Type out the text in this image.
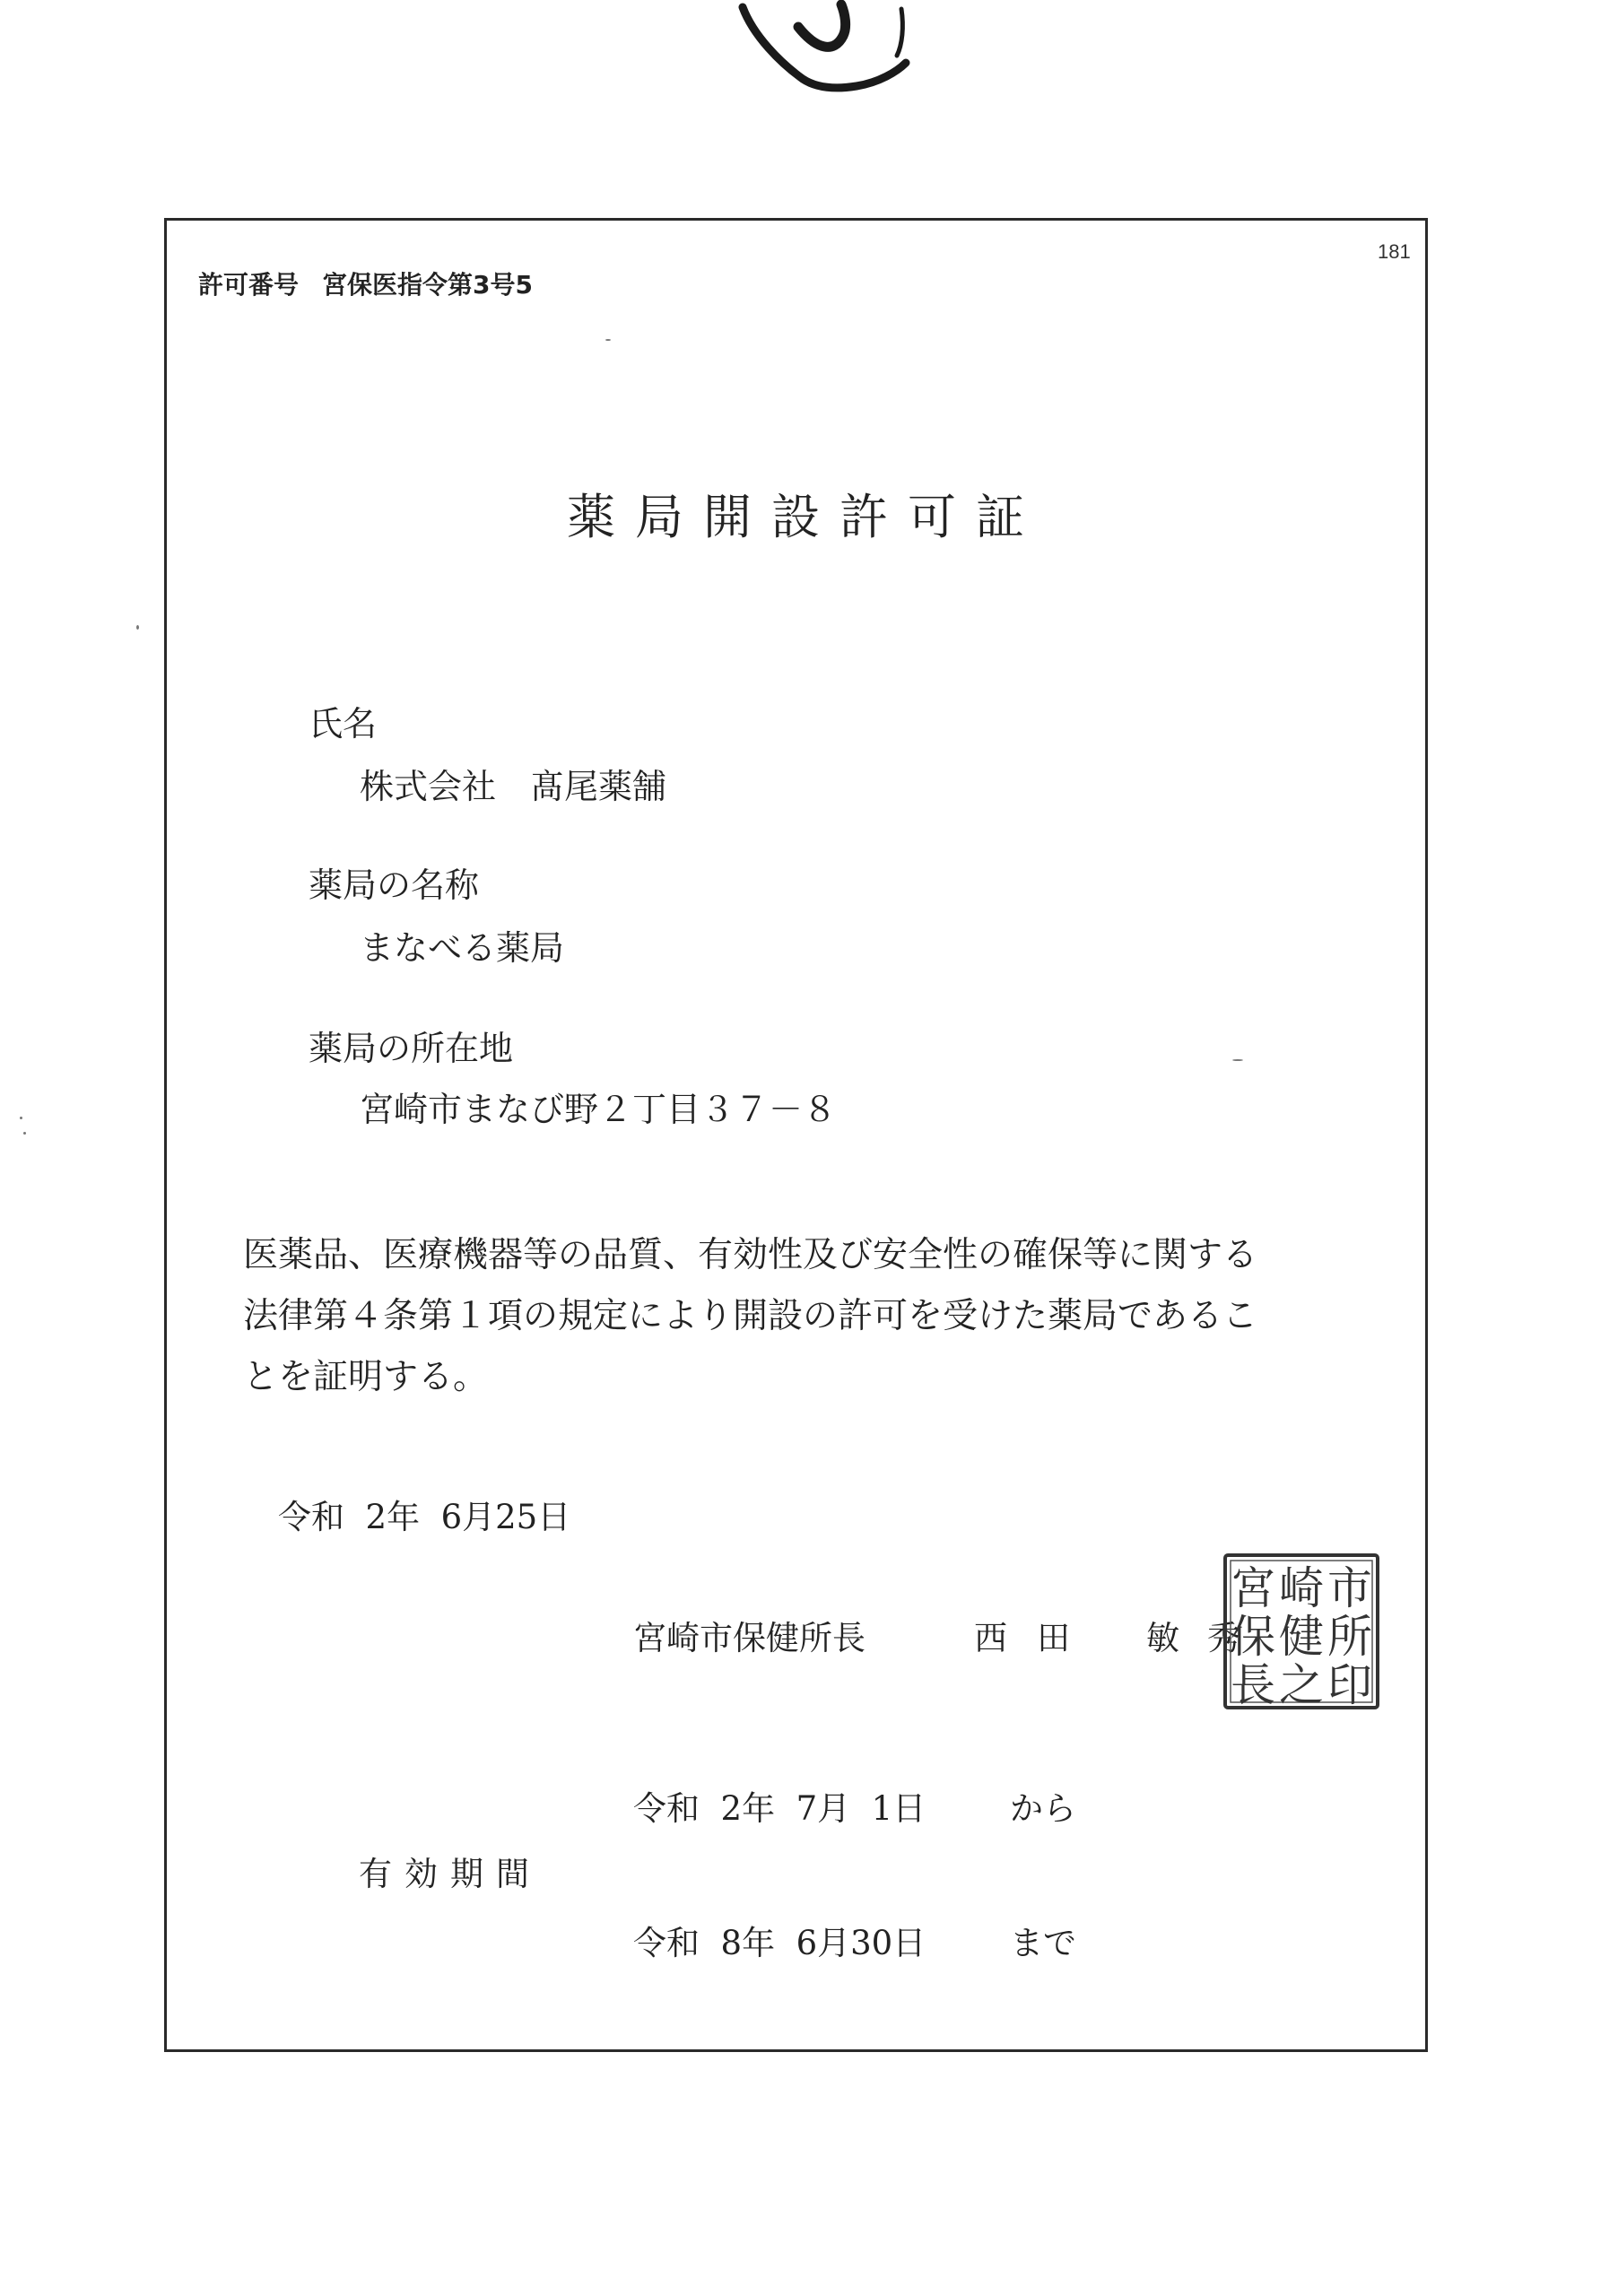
181
許可番号 宮保医指令第3号5
薬局開設許可証
氏名
株式会社　髙尾薬舗
薬局の名称
まなべる薬局
薬局の所在地
宮崎市まなび野２丁目３７－８
医薬品、医療機器等の品質、有効性及び安全性の確保等に関する
法律第４条第１項の規定により開設の許可を受けた薬局であるこ
とを証明する。
令和  2年  6月25日
宮崎市保健所長	西 田 敏 秀
令和  2年  7月  1日	から
有効期間
令和  8年  6月30日	まで
宮 崎 市
保 健 所
長 之 印
